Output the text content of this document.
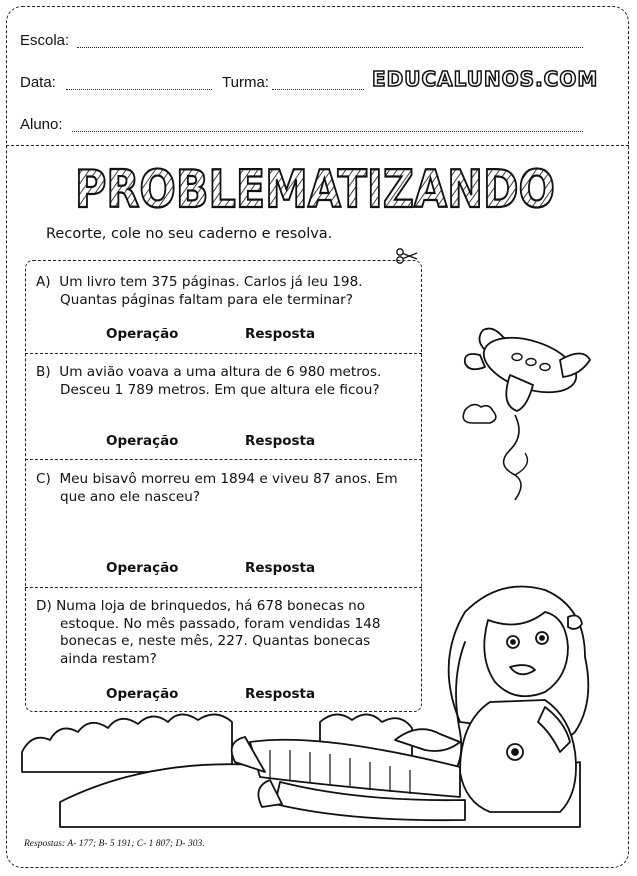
Escola:
Data:	Turma:	EDUCALUNOS.COM
Aluno:
PROBLEMATIZANDO
Recorte, cole no seu caderno e resolva.
A) Um livro tem 375 páginas. Carlos já leu 198.
Quantas páginas faltam para ele terminar?
Operação	Resposta
B) Um avião voava a uma altura de 6 980 metros.
Desceu 1 789 metros. Em que altura ele ficou?
Operação	Resposta
C) Meu bisavô morreu em 1894 e viveu 87 anos. Em
que ano ele nasceu?
Operação	Resposta
D) Numa loja de brinquedos, há 678 bonecas no
estoque. No mês passado, foram vendidas 148
bonecas e, neste mês, 227. Quantas bonecas
ainda restam?
Operação	Resposta
Respostas: A- 177; B- 5 191; C- 1 807; D- 303.
